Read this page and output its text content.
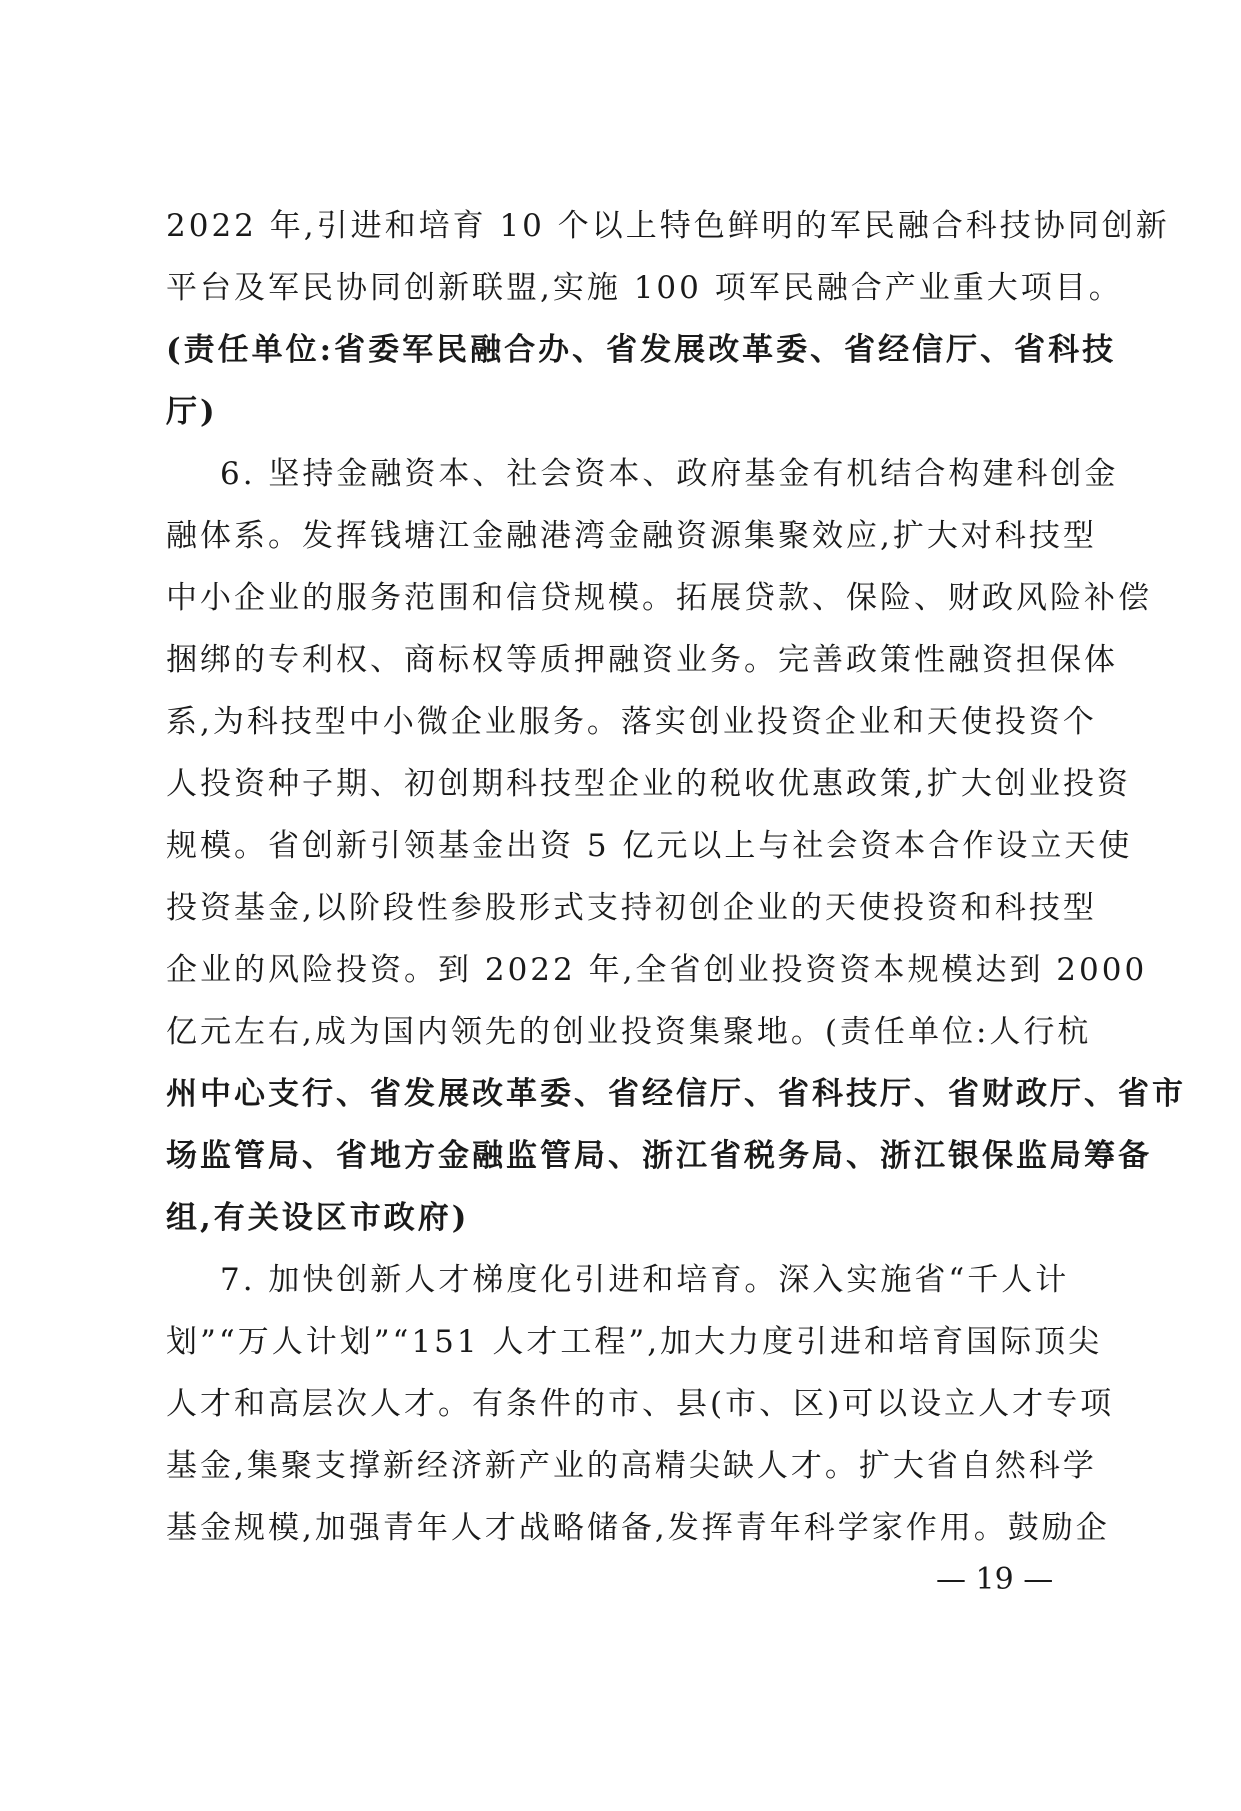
2022 年,引进和培育 10 个以上特色鲜明的军民融合科技协同创新
平台及军民协同创新联盟,实施 100 项军民融合产业重大项目。
(责任单位:省委军民融合办、省发展改革委、省经信厅、省科技
厅)
6. 坚持金融资本、社会资本、政府基金有机结合构建科创金
融体系。发挥钱塘江金融港湾金融资源集聚效应,扩大对科技型
中小企业的服务范围和信贷规模。拓展贷款、保险、财政风险补偿
捆绑的专利权、商标权等质押融资业务。完善政策性融资担保体
系,为科技型中小微企业服务。落实创业投资企业和天使投资个
人投资种子期、初创期科技型企业的税收优惠政策,扩大创业投资
规模。省创新引领基金出资 5 亿元以上与社会资本合作设立天使
投资基金,以阶段性参股形式支持初创企业的天使投资和科技型
企业的风险投资。到 2022 年,全省创业投资资本规模达到 2000
亿元左右,成为国内领先的创业投资集聚地。(责任单位:人行杭
州中心支行、省发展改革委、省经信厅、省科技厅、省财政厅、省市
场监管局、省地方金融监管局、浙江省税务局、浙江银保监局筹备
组,有关设区市政府)
7. 加快创新人才梯度化引进和培育。深入实施省“千人计
划”“万人计划”“151 人才工程”,加大力度引进和培育国际顶尖
人才和高层次人才。有条件的市、县(市、区)可以设立人才专项
基金,集聚支撑新经济新产业的高精尖缺人才。扩大省自然科学
基金规模,加强青年人才战略储备,发挥青年科学家作用。鼓励企
— 19 —
